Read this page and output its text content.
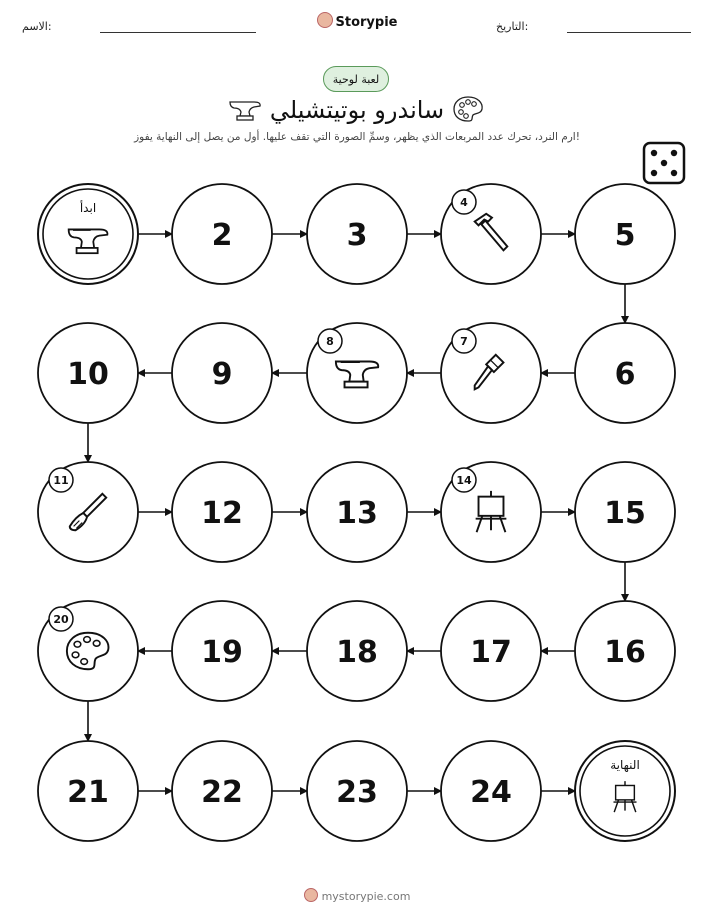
الاسم:	التاريخ:
Storypie
لعبة لوحية
ساندرو بوتيتشيلي
ارم النرد، تحرك عدد المربعات الذي يظهر، وسمِّ الصورة التي تقف عليها. أول من يصل إلى النهاية يفوز!
ابدأ
2	3
4
5
6
7
8
9
10
11
12	13
14
15
16
17
18
19
20
21	22	23	24
النهاية
mystorypie.com
